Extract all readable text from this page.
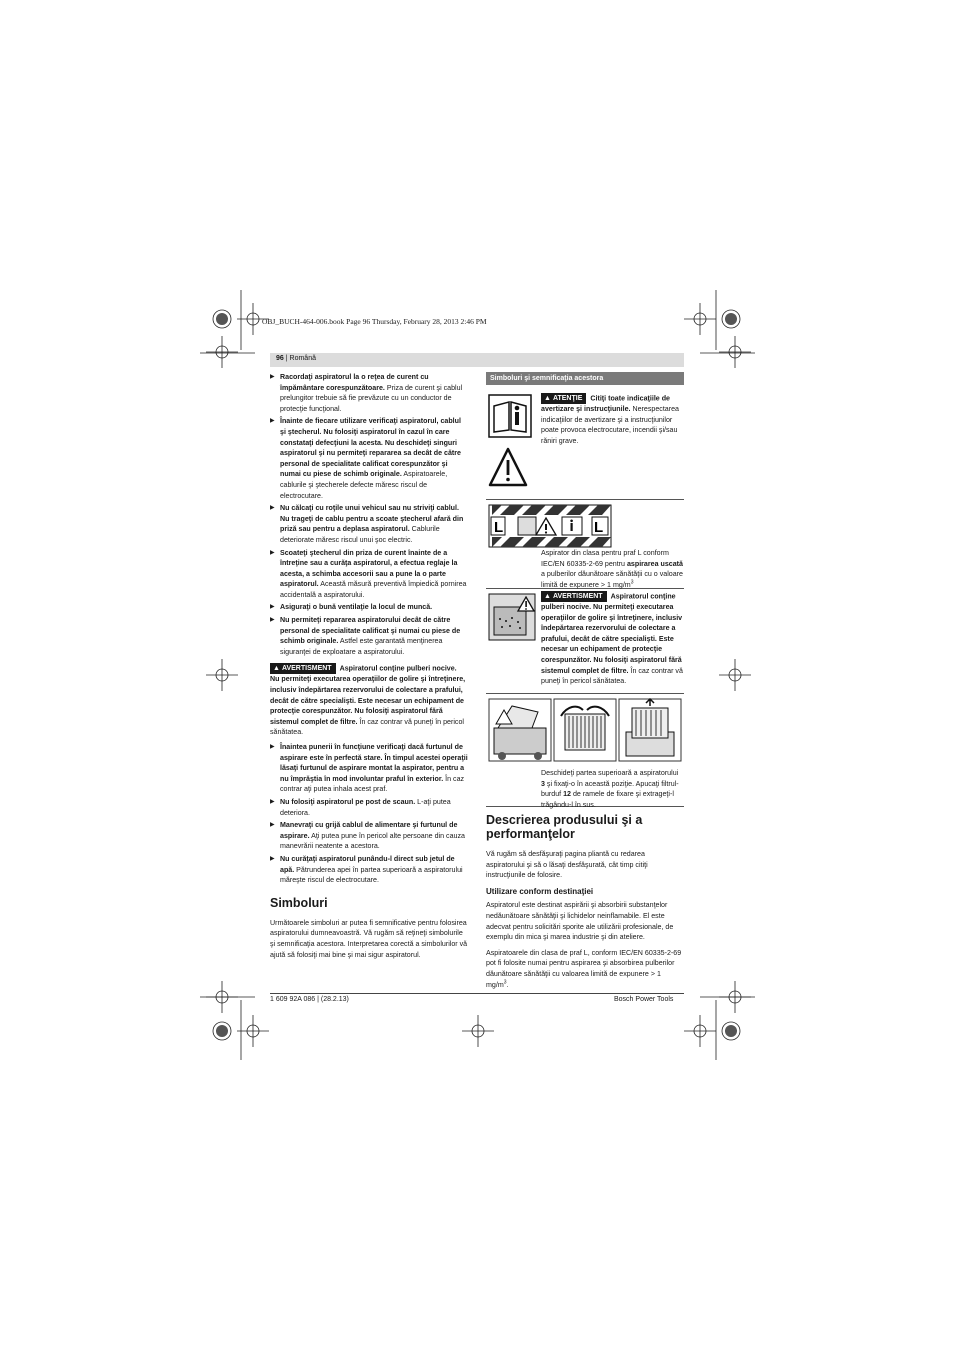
OBJ_BUCH-464-006.book Page 96 Thursday, February 28, 2013 2:46 PM
96 | Română
▶ Racordaţi aspiratorul la o reţea de curent cu împământare corespunzătoare. Priza de curent şi cablul prelungitor trebuie să fie prevăzute cu un conductor de protecţie funcţional.
▶ Înainte de fiecare utilizare verificaţi aspiratorul, cablul şi ştecherul. Nu folosiţi aspiratorul în cazul în care constataţi defecţiuni la acesta. Nu deschideţi singuri aspiratorul şi nu permiteţi repararea sa decât de către personal de specialitate calificat corespunzător şi numai cu piese de schimb originale. Aspiratoarele, cablurile şi ştecherele defecte măresc riscul de electrocutare.
▶ Nu călcaţi cu roţile unui vehicul sau nu striviţi cablul. Nu trageţi de cablu pentru a scoate ştecherul afară din priză sau pentru a deplasa aspiratorul. Cablurile deteriorate măresc riscul unui şoc electric.
▶ Scoateţi ştecherul din priza de curent înainte de a întreţine sau a curăţa aspiratorul, a efectua reglaje la acesta, a schimba accesorii sau a pune la o parte aspiratorul. Această măsură preventivă împiedică pornirea accidentală a aspiratorului.
▶ Asiguraţi o bună ventilaţie la locul de muncă.
▶ Nu permiteţi repararea aspiratorului decât de către personal de specialitate calificat şi numai cu piese de schimb originale. Astfel este garantată menţinerea siguranţei de exploatare a aspiratorului.
▲ AVERTISMENT Aspiratorul conţine pulberi nocive. Nu permiteţi executarea operaţiilor de golire şi întreţinere, inclusiv îndepărtarea rezervorului de colectare a prafului, decât de către specialişti. Este necesar un echipament de protecţie corespunzător. Nu folosiţi aspiratorul fără sistemul complet de filtre. În caz contrar vă puneţi în pericol sănătatea.
▶ Înaintea punerii în funcţiune verificaţi dacă furtunul de aspirare este în perfectă stare. În timpul acestei operaţii lăsaţi furtunul de aspirare montat la aspirator, pentru a nu împrăştia în mod involuntar praful în exterior. În caz contrar aţi putea inhala acest praf.
▶ Nu folosiţi aspiratorul pe post de scaun. L-aţi putea deteriora.
▶ Manevraţi cu grijă cablul de alimentare şi furtunul de aspirare. Aţi putea pune în pericol alte persoane din cauza manevrării neatente a acestora.
▶ Nu curăţaţi aspiratorul punându-l direct sub jetul de apă. Pătrunderea apei în partea superioară a aspiratorului măreşte riscul de electrocutare.
Simboluri

Următoarele simboluri ar putea fi semnificative pentru folosirea aspiratorului dumneavoastră. Vă rugăm să reţineţi simbolurile şi semnificaţia acestora. Interpretarea corectă a simbolurilor vă ajută să folosiţi mai bine şi mai sigur aspiratorul.

Simboluri şi semnificaţia acestora
▲ ATENŢIE Citiţi toate indicaţiile de avertizare şi instrucţiunile. Nerespectarea indicaţiilor de avertizare şi a instrucţiunilor poate provoca electrocutare, incendii şi/sau răniri grave.
L	L
Aspirator din clasa pentru praf L conform IEC/EN 60335-2-69 pentru aspirarea uscată a pulberilor dăunătoare sănătăţii cu o valoare limită de expunere > 1 $mg/m^3$
▲ AVERTISMENT Aspiratorul conţine pulberi nocive. Nu permiteţi executarea operaţiilor de golire şi întreţinere, inclusiv îndepărtarea rezervorului de colectare a prafului, decât de către specialişti. Este necesar un echipament de protecţie corespunzător. Nu folosiţi aspiratorul fără sistemul complet de filtre. În caz contrar vă puneţi în pericol sănătatea.
Deschideţi partea superioară a aspiratorului 3 şi fixaţi-o în această poziţie. Apucaţi filtrul-burduf 12 de ramele de fixare şi extrageţi-l trăgându-l în sus.
Descrierea produsului şi a performanţelor

Vă rugăm să desfăşuraţi pagina pliantă cu redarea aspiratorului şi să o lăsaţi desfăşurată, cât timp citiţi instrucţiunile de folosire.

Utilizare conform destinaţiei

Aspiratorul este destinat aspirării şi absorbirii substanţelor nedăunătoare sănătăţii şi lichidelor neinflamabile. El este adecvat pentru solicitări sporite ale utilizării profesionale, de exemplu din mica şi marea industrie şi din ateliere.

Aspiratoarele din clasa de praf L, conform IEC/EN 60335-2-69 pot fi folosite numai pentru aspirarea şi absorbirea pulberilor dăunătoare sănătăţii cu valoarea limită de expunere > 1 $mg/m^3$.

1 609 92A 086 | (28.2.13)	Bosch Power Tools
